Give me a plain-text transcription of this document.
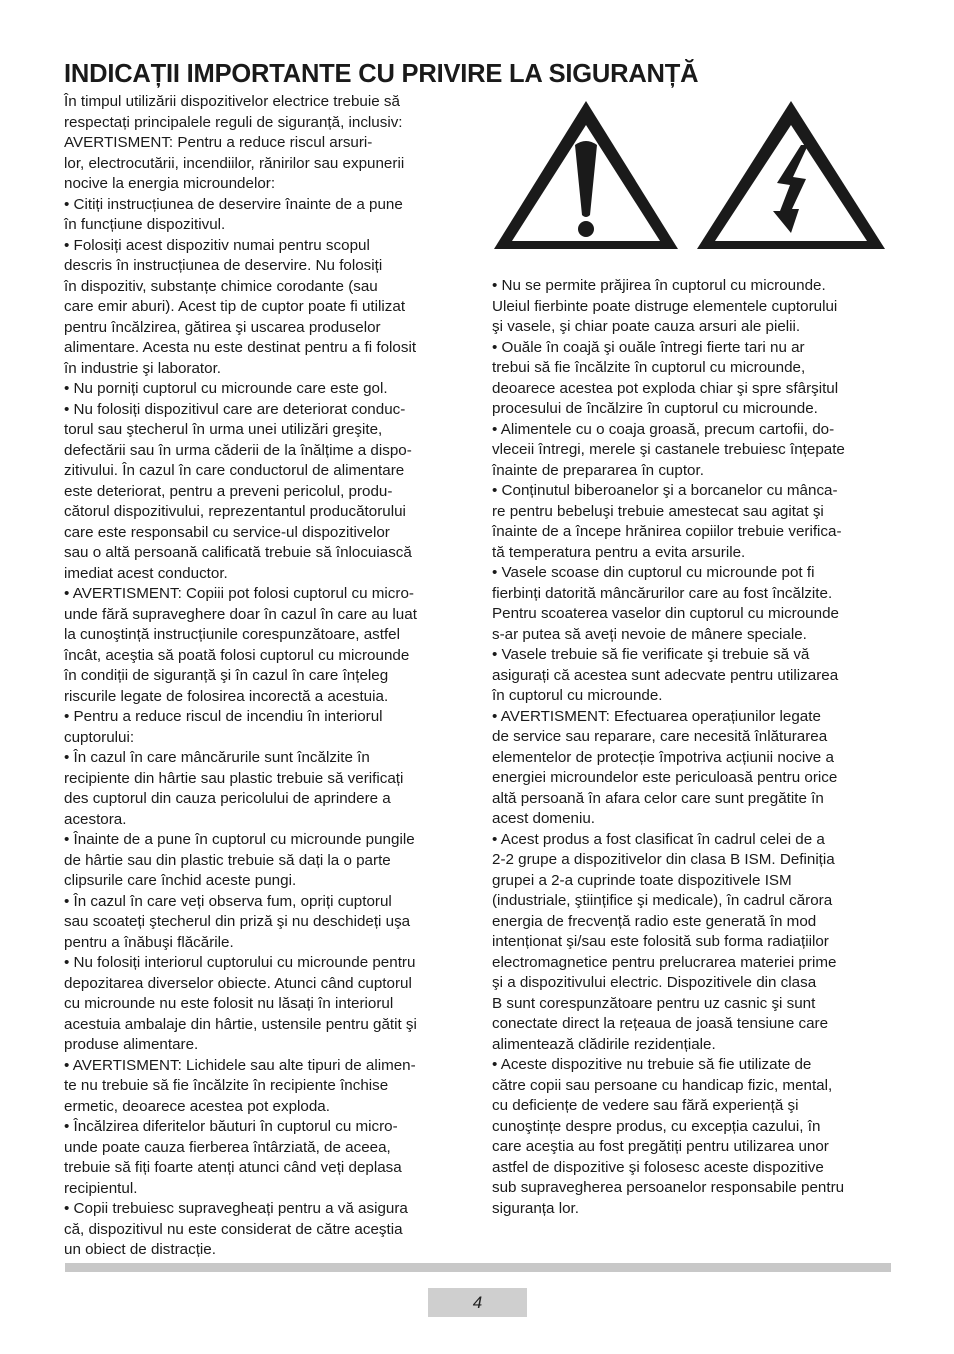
INDICAȚII IMPORTANTE CU PRIVIRE LA SIGURANȚĂ
În timpul utilizării dispozitivelor electrice trebuie să
respectați principalele reguli de siguranță, inclusiv:
AVERTISMENT: Pentru a reduce riscul arsuri-
lor, electrocutării, incendiilor, rănirilor sau expunerii
nocive la energia microundelor:
• Citiți instrucțiunea de deservire înainte de a pune
în funcțiune dispozitivul.
• Folosiți acest dispozitiv numai pentru scopul
descris în instrucțiunea de deservire. Nu folosiți
în dispozitiv, substanțe chimice corodante (sau
care emir aburi). Acest tip de cuptor poate fi utilizat
pentru încălzirea, gătirea şi uscarea produselor
alimentare. Acesta nu este destinat pentru a fi folosit
în industrie şi laborator.
• Nu porniți cuptorul cu microunde care este gol.
• Nu folosiți dispozitivul care are deteriorat conduc-
torul sau ştecherul în urma unei utilizări greşite,
defectării sau în urma căderii de la înălțime a dispo-
zitivului. În cazul în care conductorul de alimentare
este deteriorat, pentru a preveni pericolul, produ-
cătorul dispozitivului, reprezentantul producătorului
care este responsabil cu service-ul dispozitivelor
sau o altă persoană calificată trebuie să înlocuiască
imediat acest conductor.
• AVERTISMENT: Copiii pot folosi cuptorul cu micro-
unde fără supraveghere doar în cazul în care au luat
la cunoştință instrucțiunile corespunzătoare, astfel
încât, aceştia să poată folosi cuptorul cu microunde
în condiții de siguranță şi în cazul în care înțeleg
riscurile legate de folosirea incorectă a acestuia.
• Pentru a reduce riscul de incendiu în interiorul
cuptorului:
• În cazul în care mâncărurile sunt încălzite în
recipiente din hârtie sau plastic trebuie să verificați
des cuptorul din cauza pericolului de aprindere a
acestora.
• Înainte de a pune în cuptorul cu microunde pungile
de hârtie sau din plastic trebuie să dați la o parte
clipsurile care închid aceste pungi.
• În cazul în care veți observa fum, opriți cuptorul
sau scoateți ştecherul din priză şi nu deschideți uşa
pentru a înăbuşi flăcările.
• Nu folosiți interiorul cuptorului cu microunde pentru
depozitarea diverselor obiecte. Atunci când cuptorul
cu microunde nu este folosit nu lăsați în interiorul
acestuia ambalaje din hârtie, ustensile pentru gătit şi
produse alimentare.
• AVERTISMENT: Lichidele sau alte tipuri de alimen-
te nu trebuie să fie încălzite în recipiente închise
ermetic, deoarece acestea pot exploda.
• Încălzirea diferitelor băuturi în cuptorul cu micro-
unde poate cauza fierberea întârziată, de aceea,
trebuie să fiți foarte atenți atunci când veți deplasa
recipientul.
• Copii trebuiesc supravegheați pentru a vă asigura
că, dispozitivul nu este considerat de către aceştia
un obiect de distracție.
• Nu se permite prăjirea în cuptorul cu microunde.
Uleiul fierbinte poate distruge elementele cuptorului
şi vasele, şi chiar poate cauza arsuri ale pielii.
• Ouăle în coajă şi ouăle întregi fierte tari nu ar
trebui să fie încălzite în cuptorul cu microunde,
deoarece acestea pot exploda chiar şi spre sfârşitul
procesului de încălzire în cuptorul cu microunde.
• Alimentele cu o coaja groasă, precum cartofii, do-
vleceii întregi, merele şi castanele trebuiesc înțepate
înainte de prepararea în cuptor.
• Conținutul biberoanelor şi a borcanelor cu mânca-
re pentru bebeluşi trebuie amestecat sau agitat şi
înainte de a începe hrănirea copiilor trebuie verifica-
tă temperatura pentru a evita arsurile.
• Vasele scoase din cuptorul cu microunde pot fi
fierbinți datorită mâncărurilor care au fost încălzite.
Pentru scoaterea vaselor din cuptorul cu microunde
s-ar putea să aveți nevoie de mânere speciale.
• Vasele trebuie să fie verificate şi trebuie să vă
asigurați că acestea sunt adecvate pentru utilizarea
în cuptorul cu microunde.
• AVERTISMENT: Efectuarea operațiunilor legate
de service sau reparare, care necesită înlăturarea
elementelor de protecție împotriva acțiunii nocive a
energiei microundelor este periculoasă pentru orice
altă persoană în afara celor care sunt pregătite în
acest domeniu.
• Acest produs a fost clasificat în cadrul celei de a
2-2 grupe a dispozitivelor din clasa B ISM. Definiția
grupei a 2-a cuprinde toate dispozitivele ISM
(industriale, ştiințifice şi medicale), în cadrul cărora
energia de frecvență radio este generată în mod
intenționat şi/sau este folosită sub forma radiațiilor
electromagnetice pentru prelucrarea materiei prime
şi a dispozitivului electric. Dispozitivele din clasa
B sunt corespunzătoare pentru uz casnic şi sunt
conectate direct la rețeaua de joasă tensiune care
alimentează clădirile rezidențiale.
• Aceste dispozitive nu trebuie să fie utilizate de
către copii sau persoane cu handicap fizic, mental,
cu deficiențe de vedere sau fără experiență şi
cunoştințe despre produs, cu excepția cazului, în
care aceştia au fost pregătiți pentru utilizarea unor
astfel de dispozitive şi folosesc aceste dispozitive
sub supravegherea persoanelor responsabile pentru
siguranța lor.
4
